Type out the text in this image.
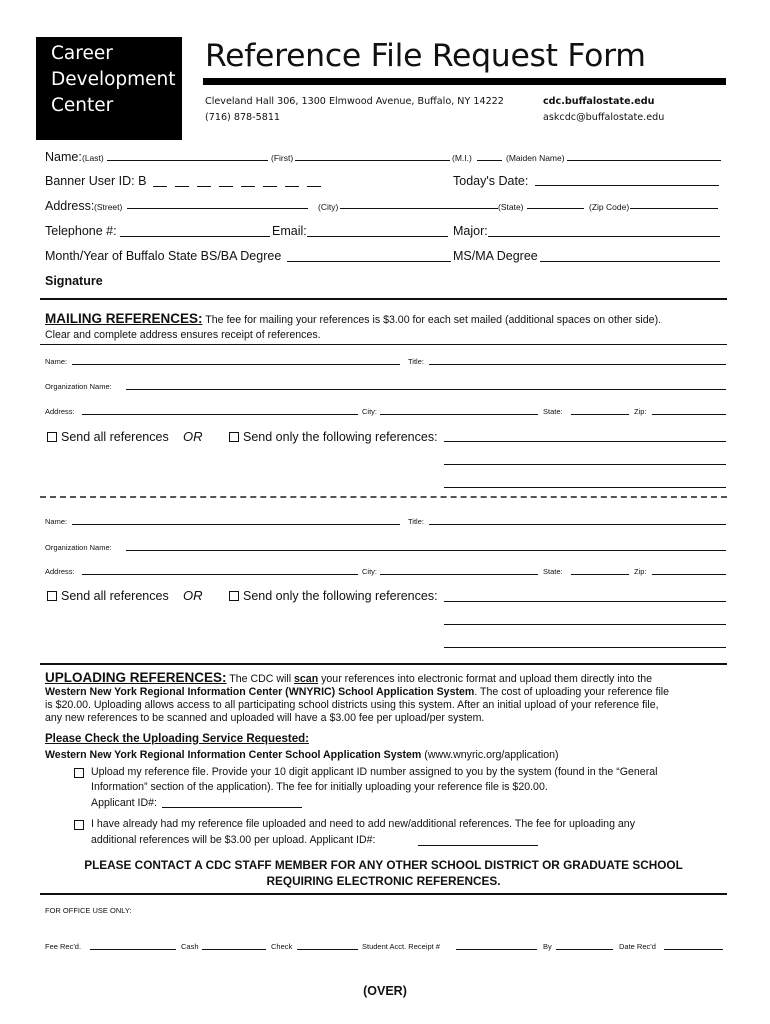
Career
Development
Center
Reference File Request Form
Cleveland Hall 306, 1300 Elmwood Avenue, Buffalo, NY 14222
(716) 878-5811
cdc.buffalostate.edu
askcdc@buffalostate.edu
Name: (Last)	(First)	(M.I.)	(Maiden Name)
Banner User ID: B	Today's Date:
Address: (Street)	(City)	(State)	(Zip Code)
Telephone #:	Email:	Major:
Month/Year of Buffalo State BS/BA Degree	MS/MA Degree
Signature
MAILING REFERENCES: The fee for mailing your references is $3.00 for each set mailed (additional spaces on other side).
Clear and complete address ensures receipt of references.
Name:	Title:
Organization Name:
Address:	City:	State:	Zip:
Send all references OR	Send only the following references:
Name:	Title:
Organization Name:
Address:	City:	State:	Zip:
Send all references OR	Send only the following references:
UPLOADING REFERENCES: The CDC will scan your references into electronic format and upload them directly into the
Western New York Regional Information Center (WNYRIC) School Application System. The cost of uploading your reference file
is $20.00. Uploading allows access to all participating school districts using this system. After an initial upload of your reference file,
any new references to be scanned and uploaded will have a $3.00 fee per upload/per system.
Please Check the Uploading Service Requested:
Western New York Regional Information Center School Application System (www.wnyric.org/application)
Upload my reference file. Provide your 10 digit applicant ID number assigned to you by the system (found in the “General
Information” section of the application). The fee for initially uploading your reference file is $20.00.
Applicant ID#:
I have already had my reference file uploaded and need to add new/additional references. The fee for uploading any
additional references will be $3.00 per upload. Applicant ID#:
PLEASE CONTACT A CDC STAFF MEMBER FOR ANY OTHER SCHOOL DISTRICT OR GRADUATE SCHOOL
REQUIRING ELECTRONIC REFERENCES.
FOR OFFICE USE ONLY:
Fee Rec'd.	Cash	Check	Student Acct. Receipt #	By	Date Rec'd
(OVER)
